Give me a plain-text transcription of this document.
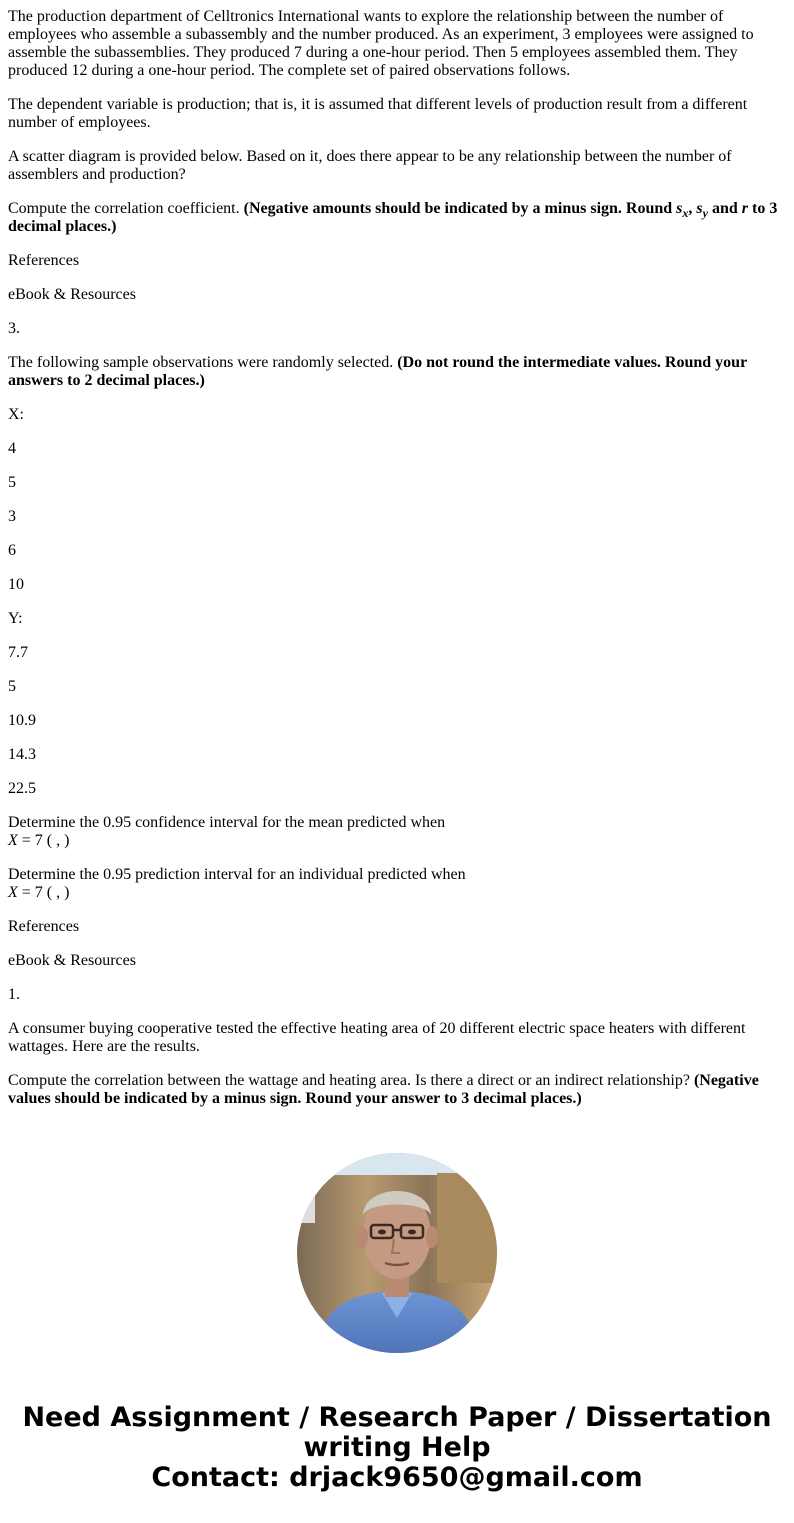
The production department of Celltronics International wants to explore the relationship between the number of employees who assemble a subassembly and the number produced. As an experiment, 3 employees were assigned to assemble the subassemblies. They produced 7 during a one-hour period. Then 5 employees assembled them. They produced 12 during a one-hour period. The complete set of paired observations follows.

The dependent variable is production; that is, it is assumed that different levels of production result from a different number of employees.

A scatter diagram is provided below. Based on it, does there appear to be any relationship between the number of assemblers and production?

Compute the correlation coefficient. (Negative amounts should be indicated by a minus sign. Round $s_x$, $s_y$ and r to 3 decimal places.)

References

eBook & Resources

3.

The following sample observations were randomly selected. (Do not round the intermediate values. Round your answers to 2 decimal places.)

X:

4

5

3

6

10

Y:

7.7

5

10.9

14.3

22.5

Determine the 0.95 confidence interval for the mean predicted when
X = 7 ( , )

Determine the 0.95 prediction interval for an individual predicted when
X = 7 ( , )

References

eBook & Resources

1.

A consumer buying cooperative tested the effective heating area of 20 different electric space heaters with different wattages. Here are the results.

Compute the correlation between the wattage and heating area. Is there a direct or an indirect relationship? (Negative values should be indicated by a minus sign. Round your answer to 3 decimal places.)

Need Assignment / Research Paper / Dissertation
writing Help
Contact: drjack9650@gmail.com
